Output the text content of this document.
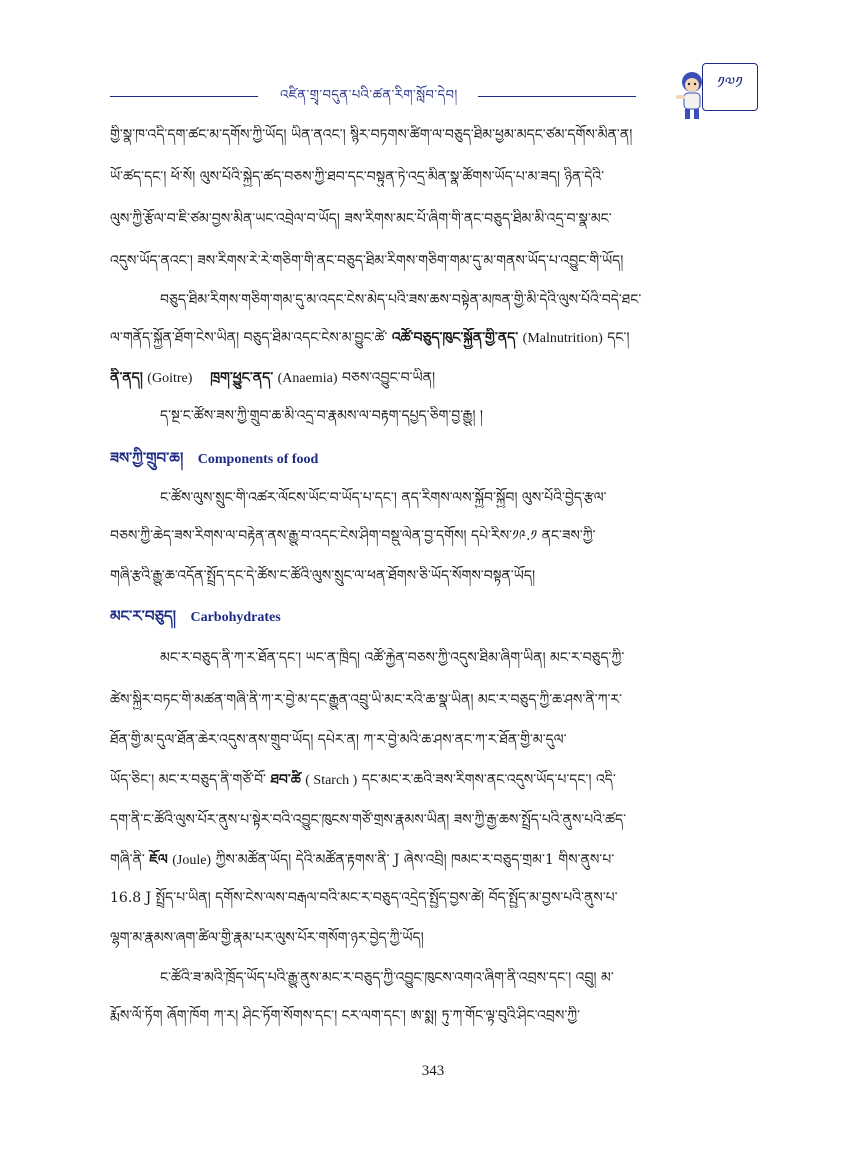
འཛིན་གྲྭ་བདུན་པའི་ཚན་རིག་སློབ་དེབ།
༡༧༡
གྱི་སྣ་ཁ་འདི་དག་ཚང་མ་དགོས་ཀྱི་ཡོད། ཡིན་ནའང་། སྙིར་བཏགས་ཚིག་ལ་བཅུད་ཐིམ་ཕྱམ་མདང་ཙམ་དགོས་མིན་ན།
ཡོ་ཚད་དང་། ཕོ་སོ། ལུས་པོའི་སྐྱེད་ཚད་བཅས་ཀྱི་ཐབ་དང་བསྟུན་ཏེ་འདྲ་མིན་སྣ་ཚོགས་ཡོད་པ་མ་ཟད། ཉིན་དེའི་
ལུས་ཀྱི་རྩོལ་བ་ཇི་ཙམ་བྱས་མིན་ཡང་འབྲེལ་བ་ཡོད། ཟས་རིགས་མང་པོ་ཞིག་གི་ནང་བཅུད་ཐིམ་མི་འདྲ་བ་སྣ་མང་
འདུས་ཡོད་ནའང་། ཟས་རིགས་རེ་རེ་གཅིག་གི་ནང་བཅུད་ཐིམ་རིགས་གཅིག་གམ་དུ་མ་གནས་ཡོད་པ་འབྱུང་གི་ཡོད།
བཅུད་ཐིམ་རིགས་གཅིག་གམ་དུ་མ་འདང་ངེས་མེད་པའི་ཟས་ཆས་བསྟེན་མཁན་གྱི་མི་དེའི་ལུས་པོའི་བདེ་ཐང་
ལ་གནོད་སྐྱོན་ཐོག་ངེས་ཡིན། བཅུད་ཐིམ་འདང་ངེས་མ་བྱུང་ཚེ་ འཚོ་བཅུད་ཁུང་སྐྱོན་གྱི་ནད་ (Malnutrition) དང་།
ནི་ནད། (Goitre) ཁྲག་ཕྱུང་ནད་ (Anaemia) བཅས་འབྱུང་བ་ཡིན།
ད་སྔ་ང་ཚོས་ཟས་ཀྱི་གྲུབ་ཆ་མི་འདྲ་བ་རྣམས་ལ་བརྟག་དཔྱད་ཅིག་བྱ་རྒྱུ། །
ཟས་ཀྱི་གྲུབ་ཆ། Components of food
ང་ཚོས་ལུས་སྲུང་གི་འཚར་ལོངས་ཡོང་བ་ཡོད་པ་དང་། ནད་རིགས་ལས་སྐྱོབ་སྐྱོབ། ལུས་པོའི་བྱེད་རྩལ་
བཅས་ཀྱི་ཆེད་ཟས་རིགས་ལ་བརྟེན་ནས་རྒྱུ་བ་འདང་ངེས་ཤིག་བསྡུ་ལེན་བྱ་དགོས། དཔེ་རིས་༡༩.༡ ནང་ཟས་ཀྱི་
གཞི་རྩའི་རྒྱུ་ཆ་འདོན་སྤྲོད་དང་དེ་ཚོས་ང་ཚོའི་ལུས་སྲུང་ལ་ཕན་ཐོགས་ཅི་ཡོད་སོགས་བསྟན་ཡོད།
མང་ར་བཅུད། Carbohydrates
མང་ར་བཅུད་ནི་ཀ་ར་ཐོན་དང་། ཡང་ན་ཁྲིད། འཚོ་རྐྱེན་བཅས་ཀྱི་འདུས་ཐིམ་ཞིག་ཡིན། མང་ར་བཅུད་ཀྱི་
ཚེས་སྐྱིར་བཏང་གི་མཚན་གཞི་ནི་ཀ་ར་བྱེ་མ་དང་རྒྱུན་འབྲུ་ཡི་མང་རའི་ཆ་སྣ་ཡིན། མང་ར་བཅུད་ཀྱི་ཆ་ཤས་ནི་ཀ་ར་
ཐོན་གྱི་མ་དུལ་ཐོན་ཆེར་འདུས་ནས་གྲུབ་ཡོད། དཔེར་ན། ཀ་ར་བྱེ་མའི་ཆ་ཤས་ནང་ཀ་ར་ཐོན་གྱི་མ་དུལ་
ཡོད་ཅིང་། མང་ར་བཅུད་ནི་གཙོ་བོ་ ཐབ་ཚི ( Starch ) དང་མང་ར་ཆའི་ཟས་རིགས་ནང་འདུས་ཡོད་པ་དང་། འདི་
དག་ནི་ང་ཚོའི་ལུས་པོར་ནུས་པ་སྟེར་བའི་འབྱུང་ཁུངས་གཙོ་གྲས་རྣམས་ཡིན། ཟས་ཀྱི་རྒྱ་ཆས་སྤྲོད་པའི་ནུས་པའི་ཚད་
གཞི་ནི་ ཇོལ (Joule) ཀྱིས་མཚོན་ཡོད། དེའི་མཚོན་རྟགས་ནི་ J ཞེས་འབྲི། ཁམང་ར་བཅུད་གྲམ་1 གིས་ནུས་པ་
16.8 J སྤྲོད་པ་ཡིན། དགོས་ངེས་ལས་བརྒལ་བའི་མང་ར་བཅུད་འདྲེད་སྤྱོད་བྱས་ཚེ། བོད་སྤྱོད་མ་བྱས་པའི་ནུས་པ་
ལྷག་མ་རྣམས་ཞག་ཚིལ་གྱི་རྣམ་པར་ལུས་པོར་གསོག་ཉར་བྱེད་ཀྱི་ཡོད།
ང་ཚོའི་ཟ་མའི་ཁྲོད་ཡོད་པའི་རྒྱུ་ནུས་མང་ར་བཅུད་ཀྱི་འབྱུང་ཁུངས་འགའ་ཞིག་ནི་འབྲས་དང་། འབྲུ། མ་
རྨོས་ལོ་ཏོག ཞོག་ཁོག ཀ་ར། ཤིང་ཏོག་སོགས་དང་། ངར་ལག་དང་། ཨ་སྨ། ཏུ་ཀ་གོང་ལྟ་བུའི་ཤིང་འབྲས་ཀྱི་
343
